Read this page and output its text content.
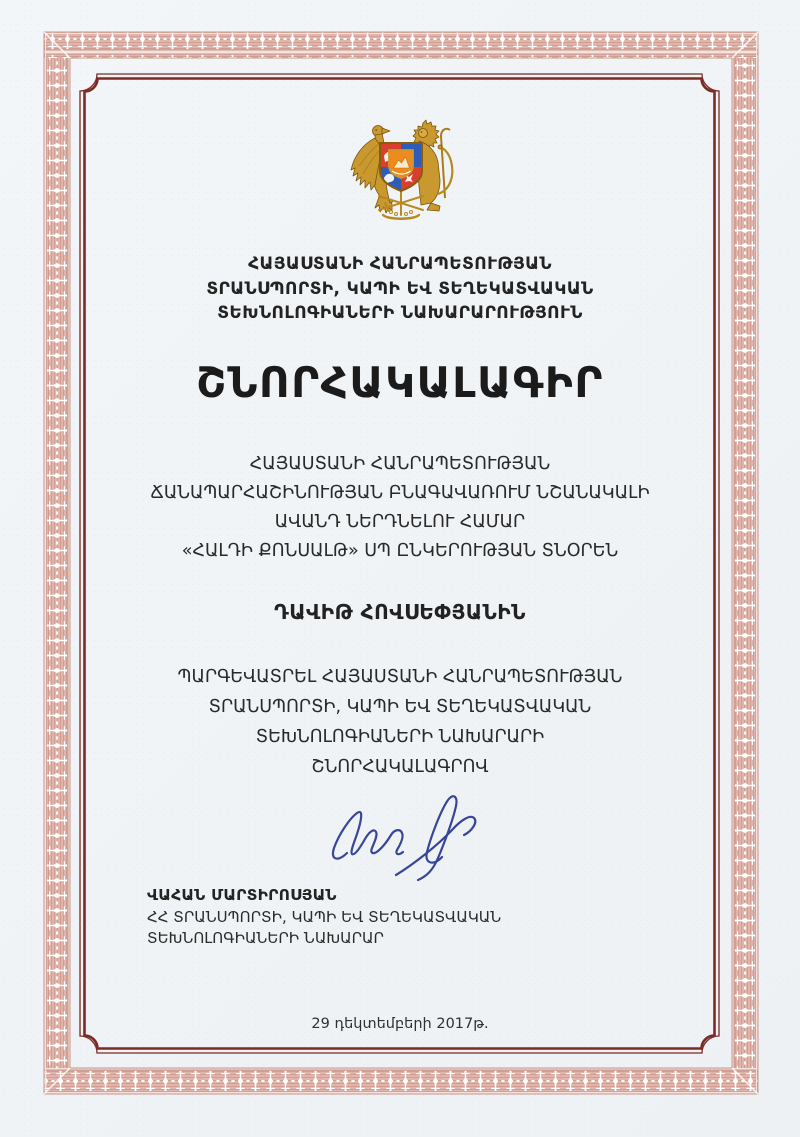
ՀԱՅԱՍՏԱՆԻ ՀԱՆՐԱՊԵՏՈՒԹՅԱՆ
ՏՐԱՆՍՊՈՐՏԻ, ԿԱՊԻ ԵՎ ՏԵՂԵԿԱՏՎԱԿԱՆ
ՏԵԽՆՈԼՈԳԻԱՆԵՐԻ ՆԱԽԱՐԱՐՈՒԹՅՈՒՆ
ՇՆՈՐՀԱԿԱԼԱԳԻՐ
ՀԱՅԱՍՏԱՆԻ ՀԱՆՐԱՊԵՏՈՒԹՅԱՆ
ՃԱՆԱՊԱՐՀԱՇԻՆՈՒԹՅԱՆ ԲՆԱԳԱՎԱՌՈՒՄ ՆՇԱՆԱԿԱԼԻ
ԱՎԱՆԴ ՆԵՐԴՆԵԼՈՒ ՀԱՄԱՐ
«ՀԱԼԴԻ ՔՈՆՍԱԼԹ» ՍՊ ԸՆԿԵՐՈՒԹՅԱՆ ՏՆՕՐԵՆ
ԴԱՎԻԹ ՀՈՎՍԵՓՅԱՆԻՆ
ՊԱՐԳԵՎԱՏՐԵԼ ՀԱՅԱՍՏԱՆԻ ՀԱՆՐԱՊԵՏՈՒԹՅԱՆ
ՏՐԱՆՍՊՈՐՏԻ, ԿԱՊԻ ԵՎ ՏԵՂԵԿԱՏՎԱԿԱՆ
ՏԵԽՆՈԼՈԳԻԱՆԵՐԻ ՆԱԽԱՐԱՐԻ
ՇՆՈՐՀԱԿԱԼԱԳՐՈՎ
ՎԱՀԱՆ ՄԱՐՏԻՐՈՍՅԱՆ
ՀՀ ՏՐԱՆՍՊՈՐՏԻ, ԿԱՊԻ ԵՎ ՏԵՂԵԿԱՏՎԱԿԱՆ
ՏԵԽՆՈԼՈԳԻԱՆԵՐԻ ՆԱԽԱՐԱՐ
29 դեկտեմբերի 2017թ.
